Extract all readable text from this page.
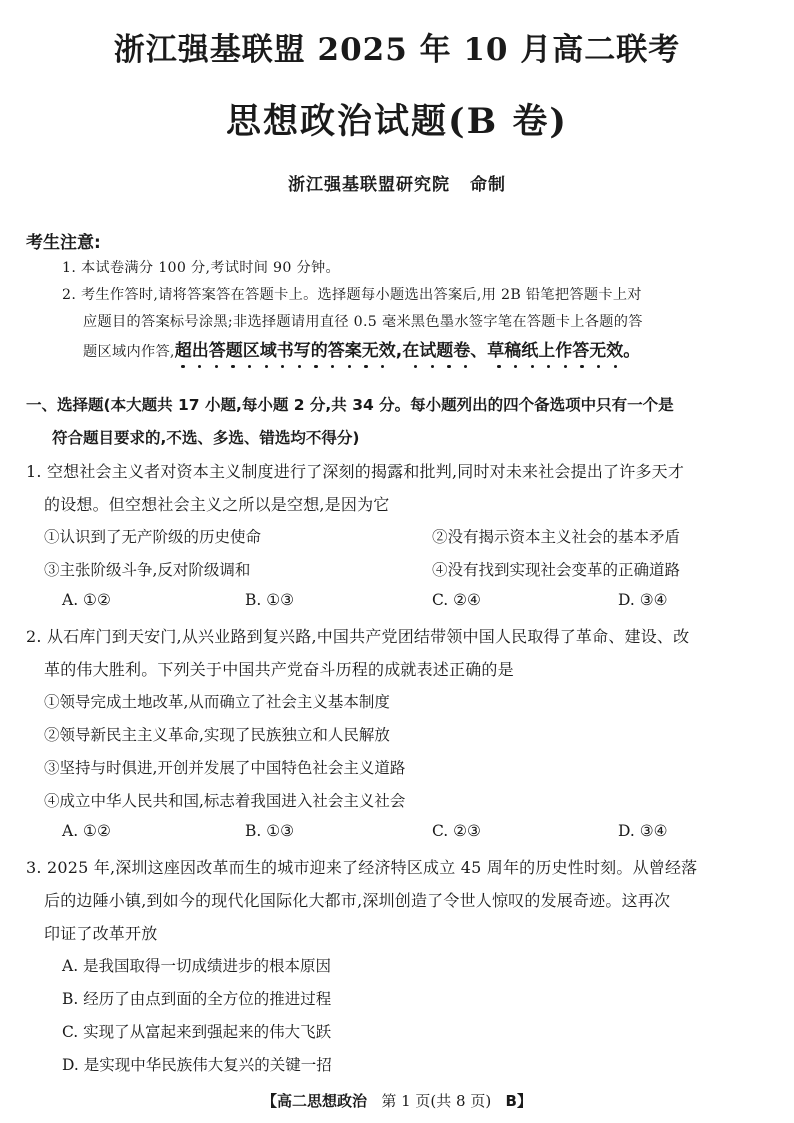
浙江强基联盟 2025 年 10 月高二联考
思想政治试题(B 卷)
浙江强基联盟研究院 命制
考生注意:
1. 本试卷满分 100 分,考试时间 90 分钟。
2. 考生作答时,请将答案答在答题卡上。选择题每小题选出答案后,用 2B 铅笔把答题卡上对
应题目的答案标号涂黑;非选择题请用直径 0.5 毫米黑色墨水签字笔在答题卡上各题的答
题区域内作答,超出答题区域书写的答案无效,在试题卷、草稿纸上作答无效。
一、选择题(本大题共 17 小题,每小题 2 分,共 34 分。每小题列出的四个备选项中只有一个是
符合题目要求的,不选、多选、错选均不得分)
1. 空想社会主义者对资本主义制度进行了深刻的揭露和批判,同时对未来社会提出了许多天才
的设想。但空想社会主义之所以是空想,是因为它
①认识到了无产阶级的历史使命	②没有揭示资本主义社会的基本矛盾
③主张阶级斗争,反对阶级调和	④没有找到实现社会变革的正确道路
A. ①②	B. ①③	C. ②④	D. ③④
2. 从石库门到天安门,从兴业路到复兴路,中国共产党团结带领中国人民取得了革命、建设、改
革的伟大胜利。下列关于中国共产党奋斗历程的成就表述正确的是
①领导完成土地改革,从而确立了社会主义基本制度
②领导新民主主义革命,实现了民族独立和人民解放
③坚持与时俱进,开创并发展了中国特色社会主义道路
④成立中华人民共和国,标志着我国进入社会主义社会
A. ①②	B. ①③	C. ②③	D. ③④
3. 2025 年,深圳这座因改革而生的城市迎来了经济特区成立 45 周年的历史性时刻。从曾经落
后的边陲小镇,到如今的现代化国际化大都市,深圳创造了令世人惊叹的发展奇迹。这再次
印证了改革开放
A. 是我国取得一切成绩进步的根本原因
B. 经历了由点到面的全方位的推进过程
C. 实现了从富起来到强起来的伟大飞跃
D. 是实现中华民族伟大复兴的关键一招
【高二思想政治 第 1 页(共 8 页) B】
